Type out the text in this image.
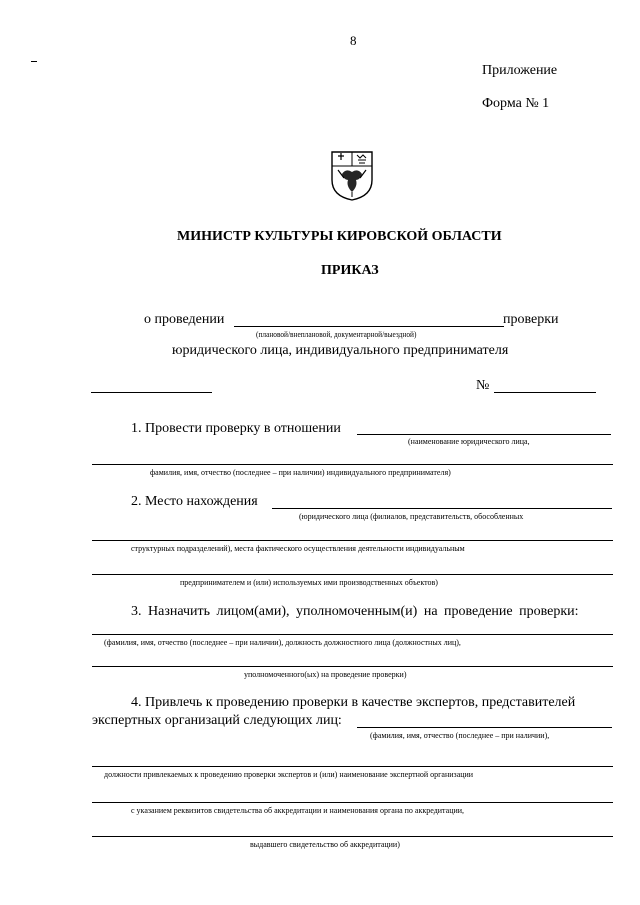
8
Приложение
Форма № 1
МИНИСТР КУЛЬТУРЫ КИРОВСКОЙ ОБЛАСТИ
ПРИКАЗ
о проведении	проверки
(плановой/внеплановой, документарной/выездной)
юридического лица, индивидуального предпринимателя
№
1. Провести проверку в отношении
(наименование юридического лица,
фамилия, имя, отчество (последнее – при наличии) индивидуального предпринимателя)
2. Место нахождения
(юридического лица (филиалов, представительств, обособленных
структурных подразделений), места фактического осуществления деятельности индивидуальным
предпринимателем и (или) используемых ими производственных объектов)
3. Назначить лицом(ами), уполномоченным(и) на проведение проверки:
(фамилия, имя, отчество (последнее – при наличии), должность должностного лица (должностных лиц),
уполномоченного(ых) на проведение проверки)
4. Привлечь к проведению проверки в качестве экспертов, представителей
экспертных организаций следующих лиц:
(фамилия, имя, отчество (последнее – при наличии),
должности привлекаемых к проведению проверки экспертов и (или) наименование экспертной организации
с указанием реквизитов свидетельства об аккредитации и наименования органа по аккредитации,
выдавшего свидетельство об аккредитации)
